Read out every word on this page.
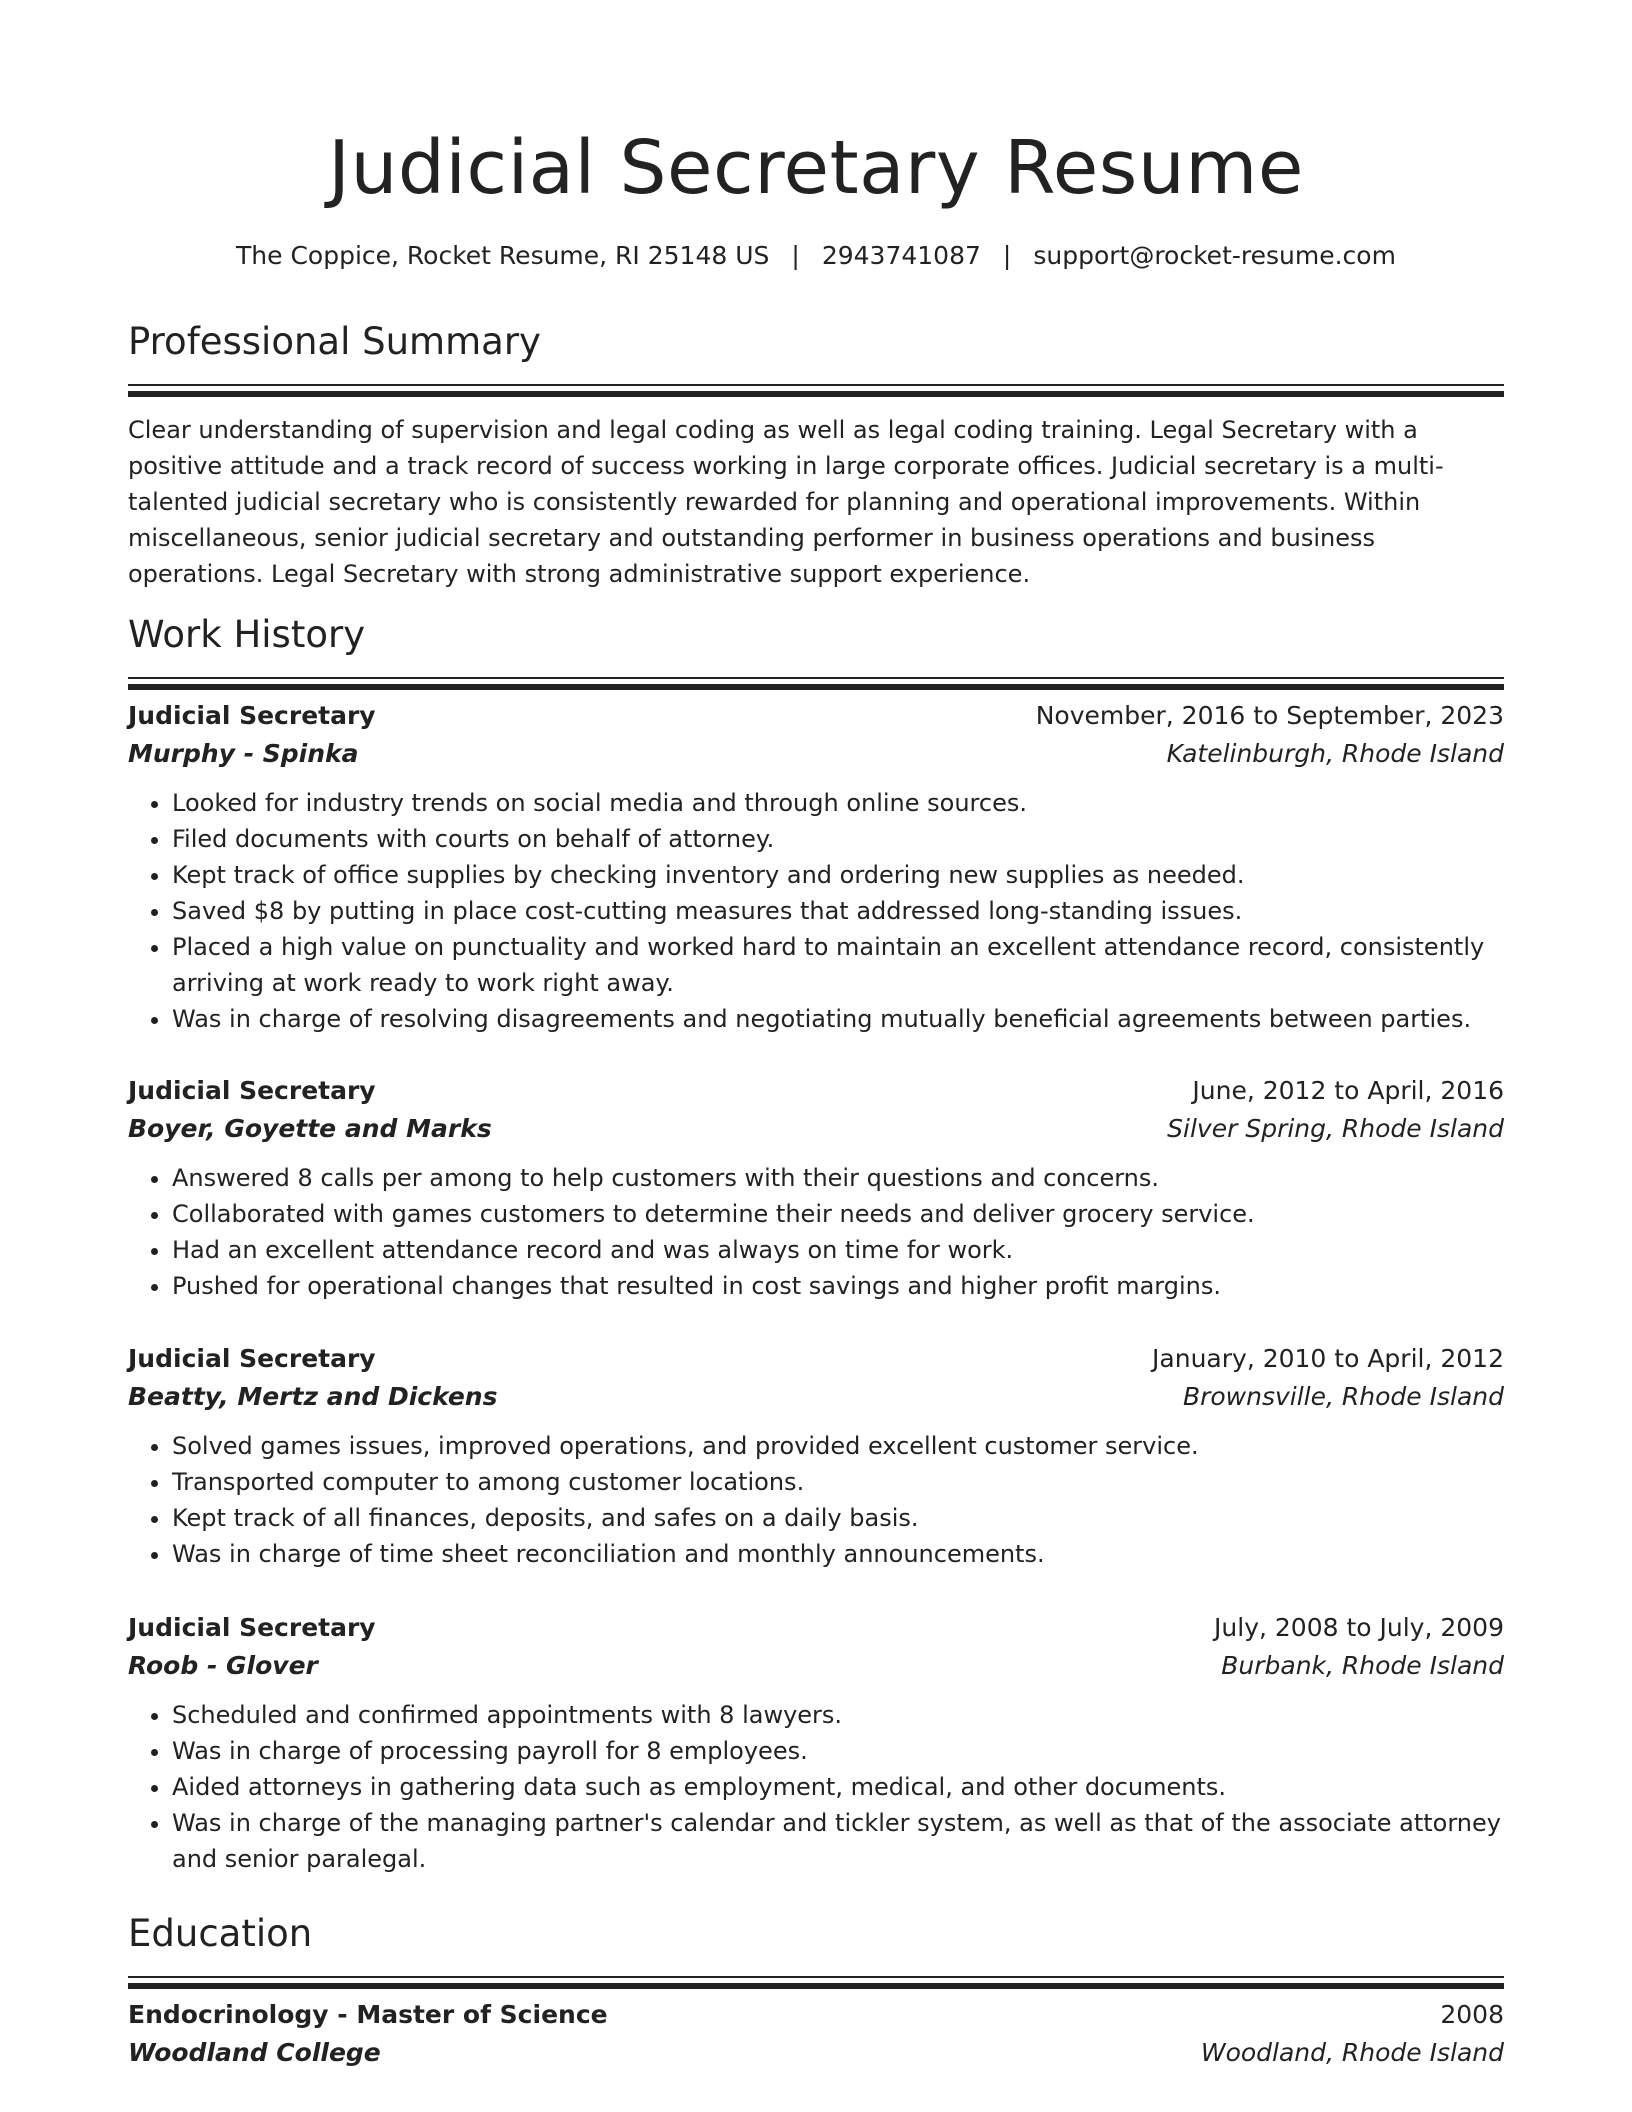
Judicial Secretary Resume
The Coppice, Rocket Resume, RI 25148 US | 2943741087 | support@rocket-resume.com
Professional Summary

Clear understanding of supervision and legal coding as well as legal coding training. Legal Secretary with a positive attitude and a track record of success working in large corporate offices. Judicial secretary is a multi-talented judicial secretary who is consistently rewarded for planning and operational improvements. Within miscellaneous, senior judicial secretary and outstanding performer in business operations and business operations. Legal Secretary with strong administrative support experience.

Work History
Judicial Secretary	November, 2016 to September, 2023
Murphy - Spinka	Katelinburgh, Rhode Island
• Looked for industry trends on social media and through online sources.
• Filed documents with courts on behalf of attorney.
• Kept track of office supplies by checking inventory and ordering new supplies as needed.
• Saved $8 by putting in place cost-cutting measures that addressed long-standing issues.
• Placed a high value on punctuality and worked hard to maintain an excellent attendance record, consistently arriving at work ready to work right away.
• Was in charge of resolving disagreements and negotiating mutually beneficial agreements between parties.
Judicial Secretary	June, 2012 to April, 2016
Boyer, Goyette and Marks	Silver Spring, Rhode Island
• Answered 8 calls per among to help customers with their questions and concerns.
• Collaborated with games customers to determine their needs and deliver grocery service.
• Had an excellent attendance record and was always on time for work.
• Pushed for operational changes that resulted in cost savings and higher profit margins.
Judicial Secretary	January, 2010 to April, 2012
Beatty, Mertz and Dickens	Brownsville, Rhode Island
• Solved games issues, improved operations, and provided excellent customer service.
• Transported computer to among customer locations.
• Kept track of all finances, deposits, and safes on a daily basis.
• Was in charge of time sheet reconciliation and monthly announcements.
Judicial Secretary	July, 2008 to July, 2009
Roob - Glover	Burbank, Rhode Island
• Scheduled and confirmed appointments with 8 lawyers.
• Was in charge of processing payroll for 8 employees.
• Aided attorneys in gathering data such as employment, medical, and other documents.
• Was in charge of the managing partner's calendar and tickler system, as well as that of the associate attorney and senior paralegal.
Education
Endocrinology - Master of Science	2008
Woodland College	Woodland, Rhode Island
